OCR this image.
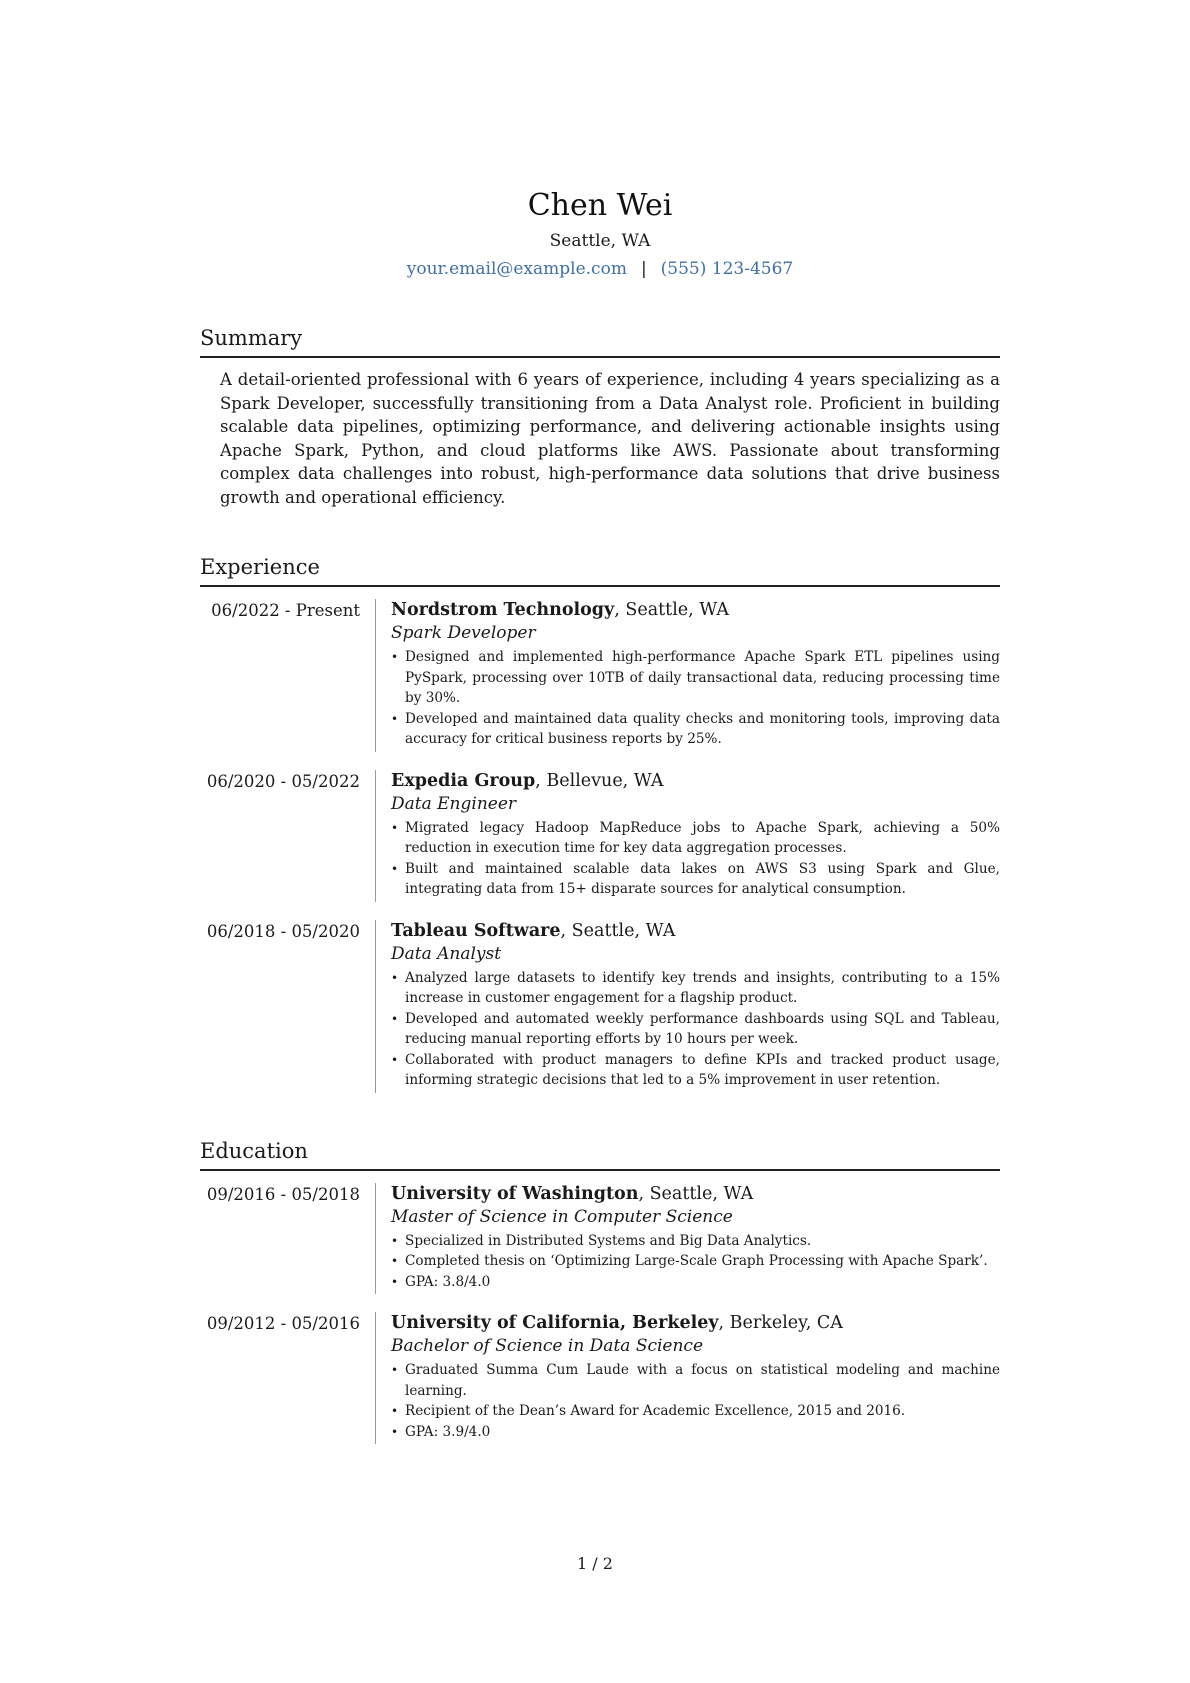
Chen Wei
Seattle, WA
your.email@example.com | (555) 123-4567
Summary

A detail-oriented professional with 6 years of experience, including 4 years specializing as a Spark Developer, successfully transitioning from a Data Analyst role. Proficient in building scalable data pipelines, optimizing performance, and delivering actionable insights using Apache Spark, Python, and cloud platforms like AWS. Passionate about transforming complex data challenges into robust, high-performance data solutions that drive business growth and operational efficiency.

Experience
06/2022 - Present	Nordstrom Technology, Seattle, WA
Spark Developer
• Designed and implemented high-performance Apache Spark ETL pipelines using PySpark, processing over 10TB of daily transactional data, reducing processing time by 30%.
• Developed and maintained data quality checks and monitoring tools, improving data accuracy for critical business reports by 25%.
06/2020 - 05/2022	Expedia Group, Bellevue, WA
Data Engineer
• Migrated legacy Hadoop MapReduce jobs to Apache Spark, achieving a 50% reduction in execution time for key data aggregation processes.
• Built and maintained scalable data lakes on AWS S3 using Spark and Glue, integrating data from 15+ disparate sources for analytical consumption.
06/2018 - 05/2020	Tableau Software, Seattle, WA
Data Analyst
• Analyzed large datasets to identify key trends and insights, contributing to a 15% increase in customer engagement for a flagship product.
• Developed and automated weekly performance dashboards using SQL and Tableau, reducing manual reporting efforts by 10 hours per week.
• Collaborated with product managers to define KPIs and tracked product usage, informing strategic decisions that led to a 5% improvement in user retention.
Education
09/2016 - 05/2018	University of Washington, Seattle, WA
Master of Science in Computer Science
• Specialized in Distributed Systems and Big Data Analytics.
• Completed thesis on ‘Optimizing Large-Scale Graph Processing with Apache Spark’.
• GPA: 3.8/4.0
09/2012 - 05/2016	University of California, Berkeley, Berkeley, CA
Bachelor of Science in Data Science
• Graduated Summa Cum Laude with a focus on statistical modeling and machine learning.
• Recipient of the Dean’s Award for Academic Excellence, 2015 and 2016.
• GPA: 3.9/4.0
1 / 2
